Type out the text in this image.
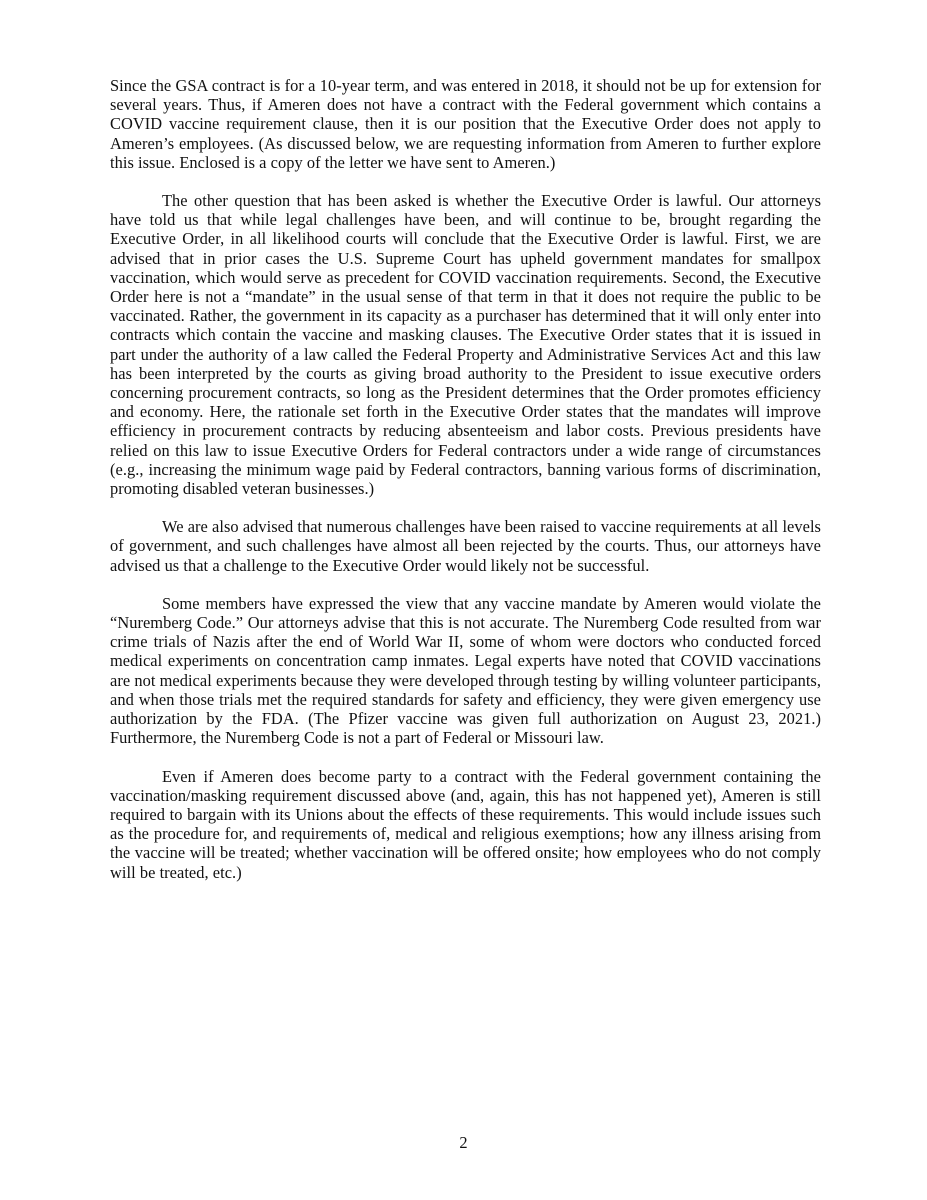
Since the GSA contract is for a 10-year term, and was entered in 2018, it should not be up for extension for several years. Thus, if Ameren does not have a contract with the Federal government which contains a COVID vaccine requirement clause, then it is our position that the Executive Order does not apply to Ameren’s employees. (As discussed below, we are requesting information from Ameren to further explore this issue. Enclosed is a copy of the letter we have sent to Ameren.)

The other question that has been asked is whether the Executive Order is lawful. Our attorneys have told us that while legal challenges have been, and will continue to be, brought regarding the Executive Order, in all likelihood courts will conclude that the Executive Order is lawful. First, we are advised that in prior cases the U.S. Supreme Court has upheld government mandates for smallpox vaccination, which would serve as precedent for COVID vaccination requirements. Second, the Executive Order here is not a “mandate” in the usual sense of that term in that it does not require the public to be vaccinated. Rather, the government in its capacity as a purchaser has determined that it will only enter into contracts which contain the vaccine and masking clauses. The Executive Order states that it is issued in part under the authority of a law called the Federal Property and Administrative Services Act and this law has been interpreted by the courts as giving broad authority to the President to issue executive orders concerning procurement contracts, so long as the President determines that the Order promotes efficiency and economy. Here, the rationale set forth in the Executive Order states that the mandates will improve efficiency in procurement contracts by reducing absenteeism and labor costs. Previous presidents have relied on this law to issue Executive Orders for Federal contractors under a wide range of circumstances (e.g., increasing the minimum wage paid by Federal contractors, banning various forms of discrimination, promoting disabled veteran businesses.)

We are also advised that numerous challenges have been raised to vaccine requirements at all levels of government, and such challenges have almost all been rejected by the courts. Thus, our attorneys have advised us that a challenge to the Executive Order would likely not be successful.

Some members have expressed the view that any vaccine mandate by Ameren would violate the “Nuremberg Code.” Our attorneys advise that this is not accurate. The Nuremberg Code resulted from war crime trials of Nazis after the end of World War II, some of whom were doctors who conducted forced medical experiments on concentration camp inmates. Legal experts have noted that COVID vaccinations are not medical experiments because they were developed through testing by willing volunteer participants, and when those trials met the required standards for safety and efficiency, they were given emergency use authorization by the FDA. (The Pfizer vaccine was given full authorization on August 23, 2021.) Furthermore, the Nuremberg Code is not a part of Federal or Missouri law.

Even if Ameren does become party to a contract with the Federal government containing the vaccination/masking requirement discussed above (and, again, this has not happened yet), Ameren is still required to bargain with its Unions about the effects of these requirements. This would include issues such as the procedure for, and requirements of, medical and religious exemptions; how any illness arising from the vaccine will be treated; whether vaccination will be offered onsite; how employees who do not comply will be treated, etc.)

2
